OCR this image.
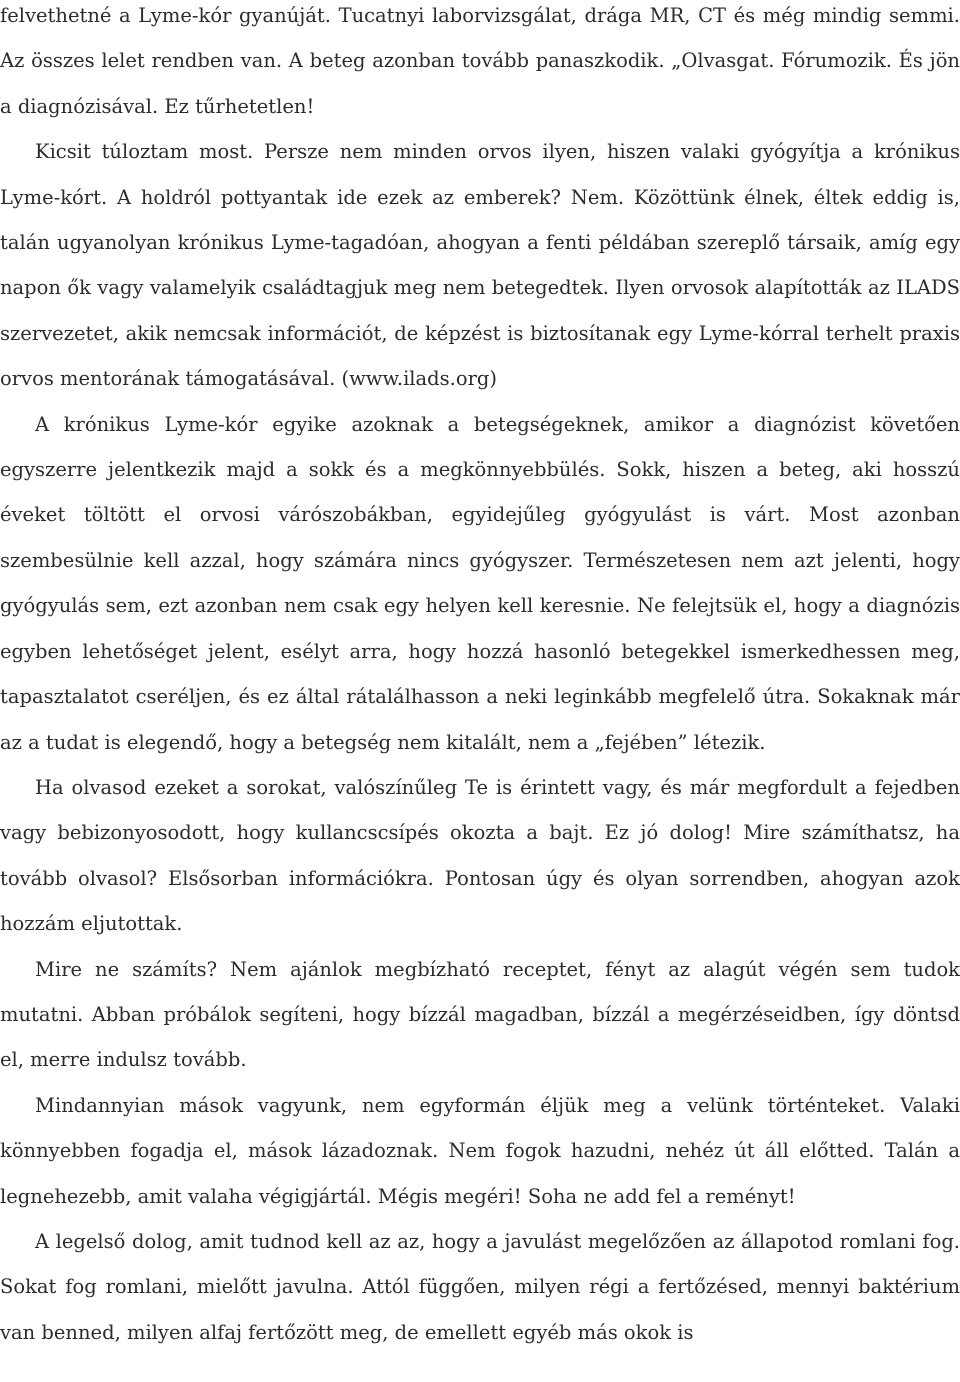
felvethetné a Lyme-kór gyanúját. Tucatnyi laborvizsgálat, drága MR, CT és még mindig semmi. Az összes lelet rendben van. A beteg azonban tovább panaszkodik. „Olvasgat. Fórumozik. És jön a diagnózisával. Ez tűrhetetlen!

Kicsit túloztam most. Persze nem minden orvos ilyen, hiszen valaki gyógyítja a krónikus Lyme-kórt. A holdról pottyantak ide ezek az emberek? Nem. Közöttünk élnek, éltek eddig is, talán ugyanolyan krónikus Lyme-tagadóan, ahogyan a fenti példában szereplő társaik, amíg egy napon ők vagy valamelyik családtagjuk meg nem betegedtek. Ilyen orvosok alapították az ILADS szervezetet, akik nemcsak információt, de képzést is biztosítanak egy Lyme-kórral terhelt praxis orvos mentorának támogatásával. (www.ilads.org)

A krónikus Lyme-kór egyike azoknak a betegségeknek, amikor a diagnózist követően egyszerre jelentkezik majd a sokk és a megkönnyebbülés. Sokk, hiszen a beteg, aki hosszú éveket töltött el orvosi várószobákban, egyidejűleg gyógyulást is várt. Most azonban szembesülnie kell azzal, hogy számára nincs gyógyszer. Természetesen nem azt jelenti, hogy gyógyulás sem, ezt azonban nem csak egy helyen kell keresnie. Ne felejtsük el, hogy a diagnózis egyben lehetőséget jelent, esélyt arra, hogy hozzá hasonló betegekkel ismerkedhessen meg, tapasztalatot cseréljen, és ez által rátalálhasson a neki leginkább megfelelő útra. Sokaknak már az a tudat is elegendő, hogy a betegség nem kitalált, nem a „fejében” létezik.

Ha olvasod ezeket a sorokat, valószínűleg Te is érintett vagy, és már megfordult a fejedben vagy bebizonyosodott, hogy kullancscsípés okozta a bajt. Ez jó dolog! Mire számíthatsz, ha tovább olvasol? Elsősorban információkra. Pontosan úgy és olyan sorrendben, ahogyan azok hozzám eljutottak.

Mire ne számíts? Nem ajánlok megbízható receptet, fényt az alagút végén sem tudok mutatni. Abban próbálok segíteni, hogy bízzál magadban, bízzál a megérzéseidben, így döntsd el, merre indulsz tovább.

Mindannyian mások vagyunk, nem egyformán éljük meg a velünk történteket. Valaki könnyebben fogadja el, mások lázadoznak. Nem fogok hazudni, nehéz út áll előtted. Talán a legnehezebb, amit valaha végigjártál. Mégis megéri! Soha ne add fel a reményt!

A legelső dolog, amit tudnod kell az az, hogy a javulást megelőzően az állapotod romlani fog. Sokat fog romlani, mielőtt javulna. Attól függően, milyen régi a fertőzésed, mennyi baktérium van benned, milyen alfaj fertőzött meg, de emellett egyéb más okok is
